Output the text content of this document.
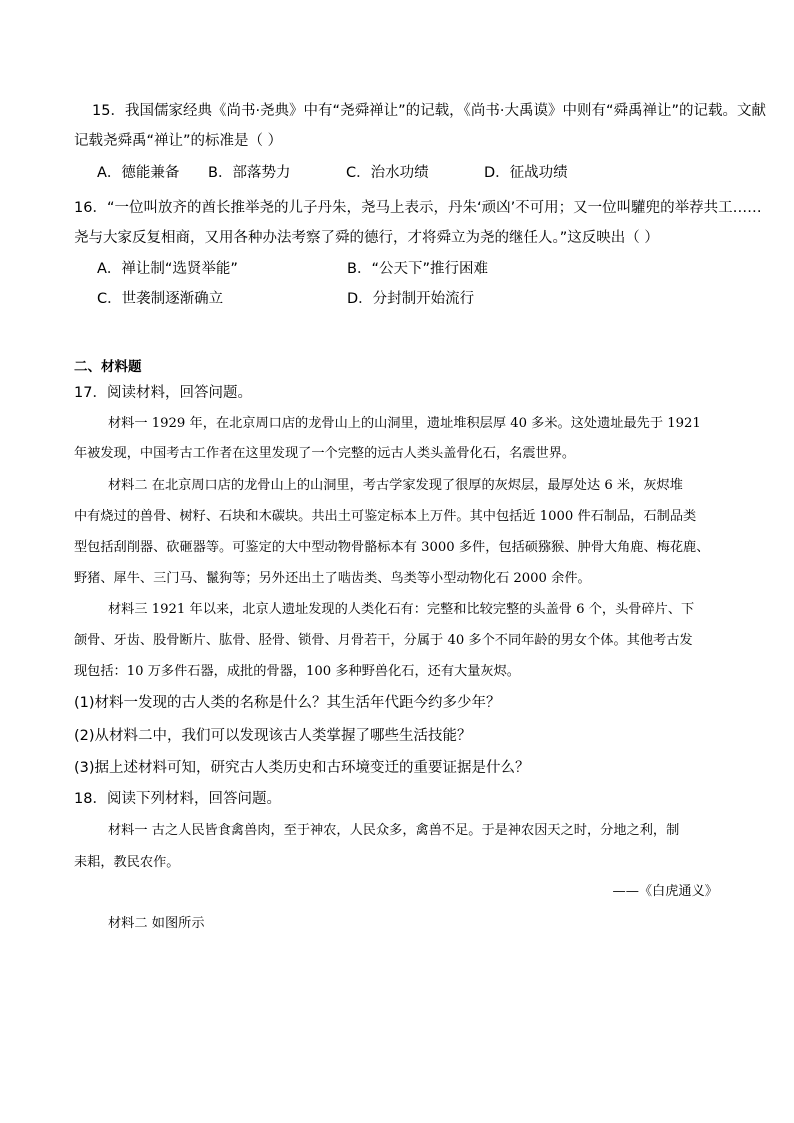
15．我国儒家经典《尚书·尧典》中有“尧舜禅让”的记载，《尚书·大禹谟》中则有“舜禹禅让”的记载。文献
记载尧舜禹“禅让”的标准是（ ）
A．德能兼备 B．部落势力	C．治水功绩	D．征战功绩
16．“一位叫放齐的酋长推举尧的儿子丹朱，尧马上表示，丹朱‘顽凶’不可用；又一位叫驩兜的举荐共工……
尧与大家反复相商，又用各种办法考察了舜的德行，才将舜立为尧的继任人。”这反映出（ ）
A．禅让制“选贤举能”	B．“公天下”推行困难
C．世袭制逐渐确立	D．分封制开始流行
二、材料题
17．阅读材料，回答问题。
材料一 1929 年，在北京周口店的龙骨山上的山洞里，遗址堆积层厚 40 多米。这处遗址最先于 1921
年被发现，中国考古工作者在这里发现了一个完整的远古人类头盖骨化石，名震世界。
材料二 在北京周口店的龙骨山上的山洞里，考古学家发现了很厚的灰烬层，最厚处达 6 米，灰烬堆
中有烧过的兽骨、树籽、石块和木碳块。共出土可鉴定标本上万件。其中包括近 1000 件石制品，石制品类
型包括刮削器、砍砸器等。可鉴定的大中型动物骨骼标本有 3000 多件，包括硕猕猴、肿骨大角鹿、梅花鹿、
野猪、犀牛、三门马、鬣狗等；另外还出土了啮齿类、鸟类等小型动物化石 2000 余件。
材料三 1921 年以来，北京人遗址发现的人类化石有：完整和比较完整的头盖骨 6 个，头骨碎片、下
颌骨、牙齿、股骨断片、肱骨、胫骨、锁骨、月骨若干，分属于 40 多个不同年龄的男女个体。其他考古发
现包括：10 万多件石器，成批的骨器，100 多种野兽化石，还有大量灰烬。
(1)材料一发现的古人类的名称是什么？其生活年代距今约多少年？
(2)从材料二中，我们可以发现该古人类掌握了哪些生活技能？
(3)据上述材料可知，研究古人类历史和古环境变迁的重要证据是什么？
18．阅读下列材料，回答问题。
材料一 古之人民皆食禽兽肉，至于神农，人民众多，禽兽不足。于是神农因天之时，分地之利，制
耒耜，教民农作。
——《白虎通义》
材料二 如图所示
